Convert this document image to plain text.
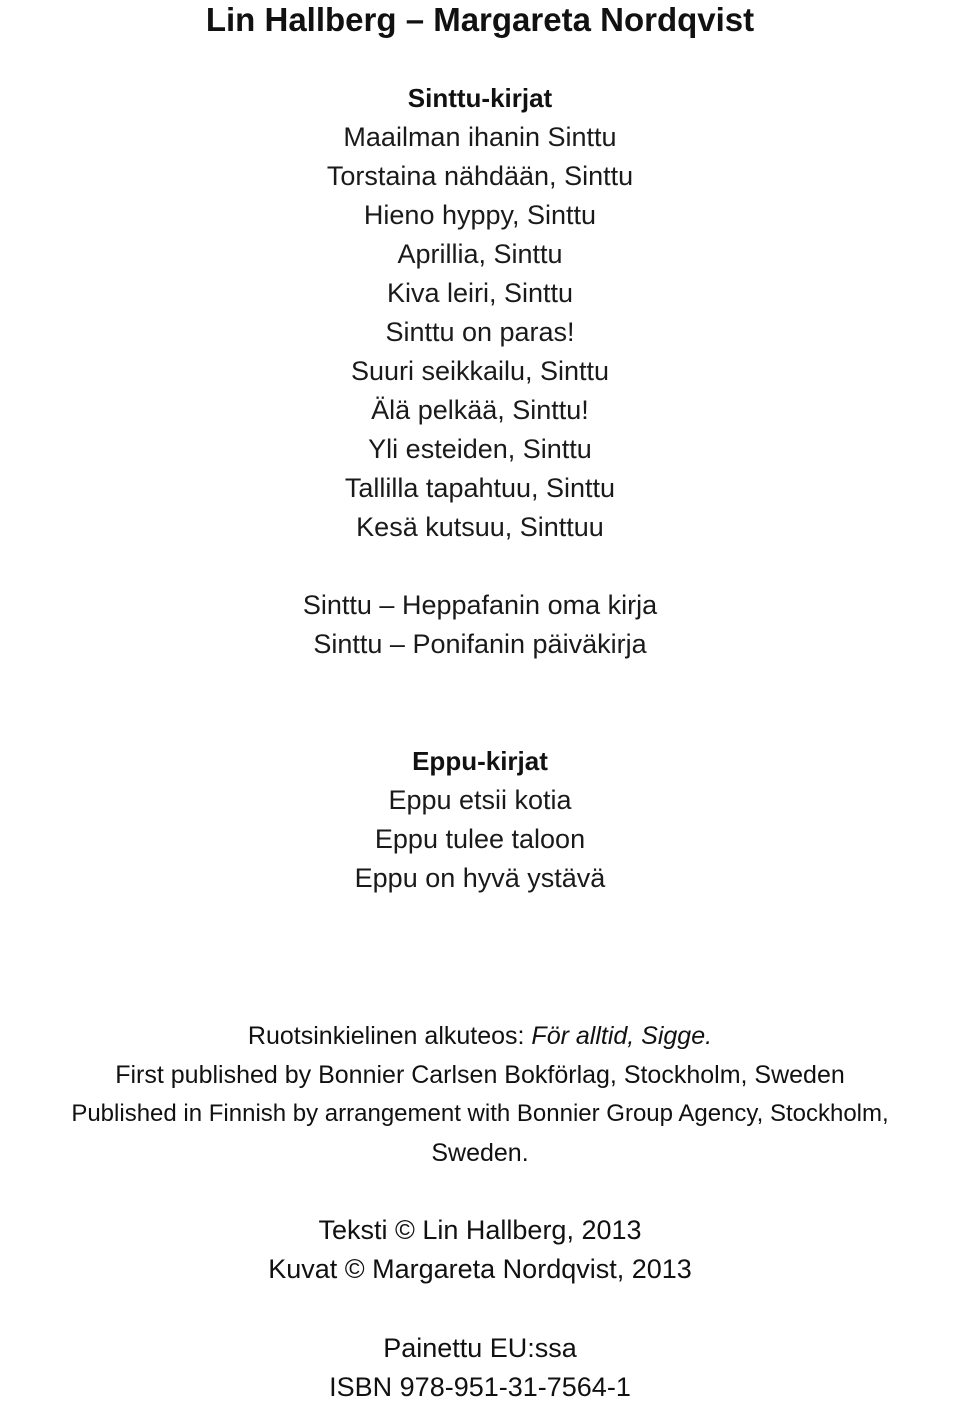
Lin Hallberg – Margareta Nordqvist
Sinttu-kirjat
Maailman ihanin Sinttu
Torstaina nähdään, Sinttu
Hieno hyppy, Sinttu
Aprillia, Sinttu
Kiva leiri, Sinttu
Sinttu on paras!
Suuri seikkailu, Sinttu
Älä pelkää, Sinttu!
Yli esteiden, Sinttu
Tallilla tapahtuu, Sinttu
Kesä kutsuu, Sinttuu
Sinttu – Heppafanin oma kirja
Sinttu – Ponifanin päiväkirja
Eppu-kirjat
Eppu etsii kotia
Eppu tulee taloon
Eppu on hyvä ystävä
Ruotsinkielinen alkuteos: För alltid, Sigge.
First published by Bonnier Carlsen Bokförlag, Stockholm, Sweden
Published in Finnish by arrangement with Bonnier Group Agency, Stockholm,
Sweden.
Teksti © Lin Hallberg, 2013
Kuvat © Margareta Nordqvist, 2013
Painettu EU:ssa
ISBN 978-951-31-7564-1
